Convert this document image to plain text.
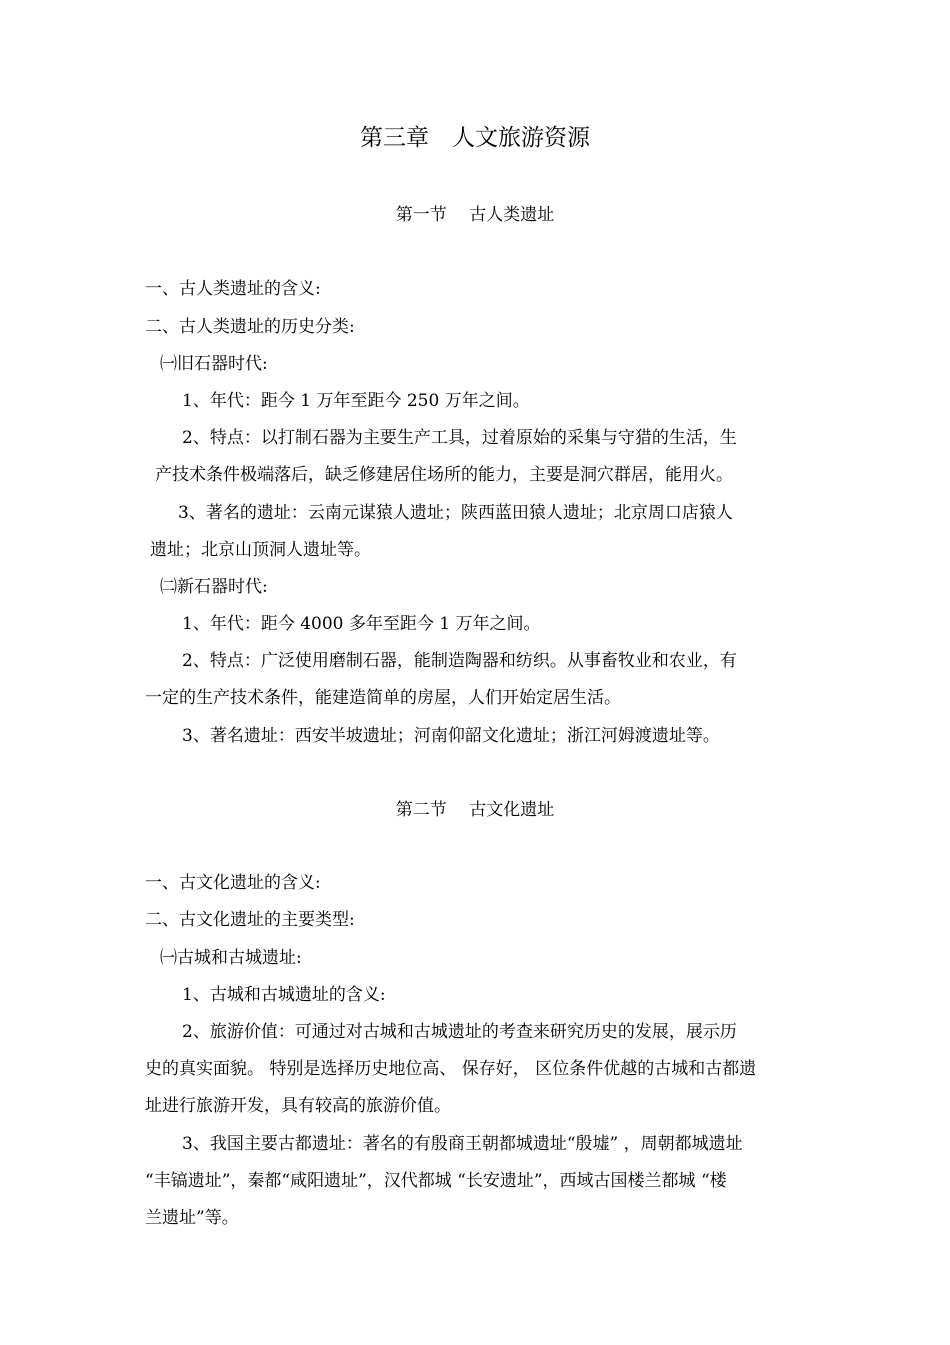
第三章　人文旅游资源
第一节　 古人类遗址
一、古人类遗址的含义:
二、古人类遗址的历史分类:
㈠旧石器时代:
1、年代：距今 1 万年至距今 250 万年之间。
2、特点：以打制石器为主要生产工具，过着原始的采集与守猎的生活，生
产技术条件极端落后，缺乏修建居住场所的能力，主要是洞穴群居，能用火。
3、著名的遗址：云南元谋猿人遗址；陕西蓝田猿人遗址；北京周口店猿人
遗址；北京山顶洞人遗址等。
㈡新石器时代:
1、年代：距今 4000 多年至距今 1 万年之间。
2、特点：广泛使用磨制石器，能制造陶器和纺织。从事畜牧业和农业，有
一定的生产技术条件，能建造简单的房屋，人们开始定居生活。
3、著名遗址：西安半坡遗址；河南仰韶文化遗址；浙江河姆渡遗址等。
第二节　 古文化遗址
一、古文化遗址的含义:
二、古文化遗址的主要类型:
㈠古城和古城遗址:
1、古城和古城遗址的含义:
2、旅游价值：可通过对古城和古城遗址的考查来研究历史的发展，展示历
史的真实面貌。 特别是选择历史地位高、 保存好， 区位条件优越的古城和古都遗
址进行旅游开发，具有较高的旅游价值。
3、我国主要古都遗址：著名的有殷商王朝都城遗址“殷墟” ，周朝都城遗址
“丰镐遗址”，秦都“咸阳遗址”，汉代都城 “长安遗址”，西域古国楼兰都城 “楼
兰遗址”等。
